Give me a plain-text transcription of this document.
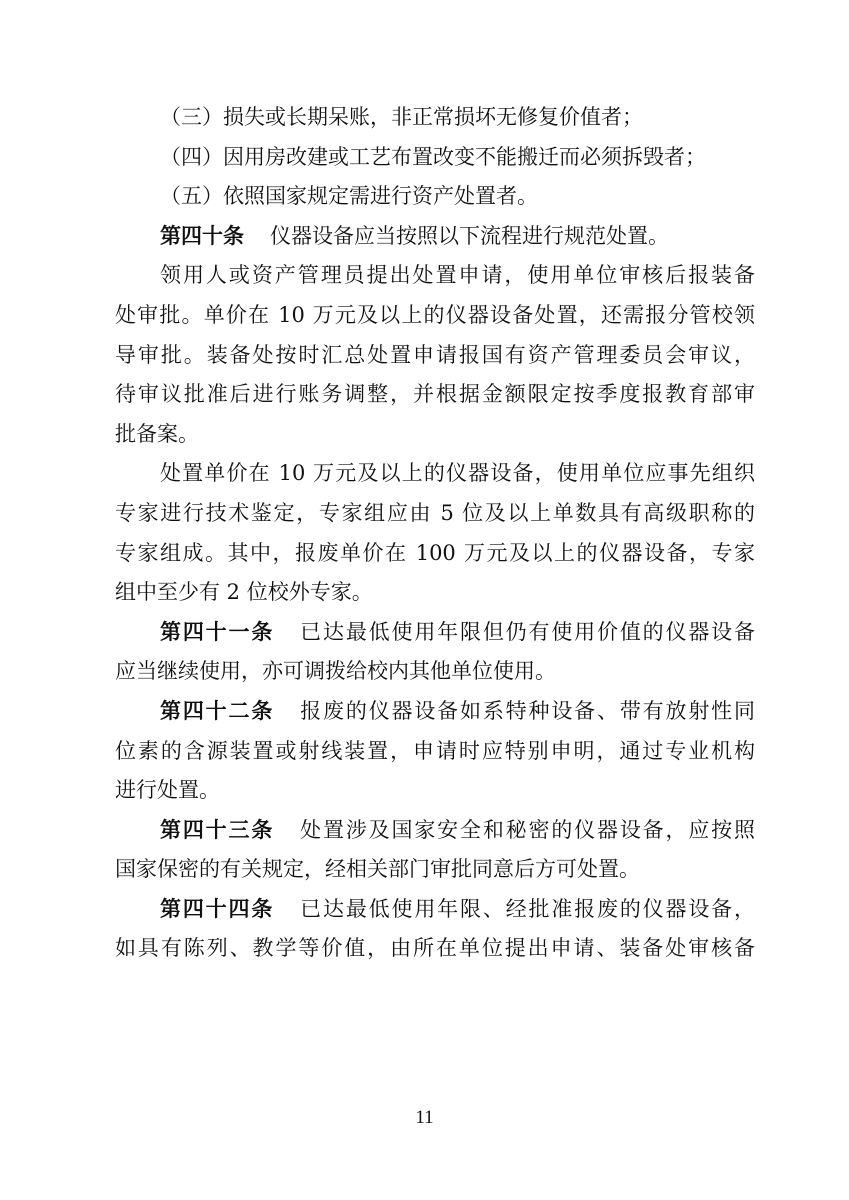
（三）损失或长期呆账，非正常损坏无修复价值者；
（四）因用房改建或工艺布置改变不能搬迁而必须拆毁者；
（五）依照国家规定需进行资产处置者。
第四十条 仪器设备应当按照以下流程进行规范处置。
领用人或资产管理员提出处置申请，使用单位审核后报装备
处审批。单价在 10 万元及以上的仪器设备处置，还需报分管校领
导审批。装备处按时汇总处置申请报国有资产管理委员会审议，
待审议批准后进行账务调整，并根据金额限定按季度报教育部审
批备案。
处置单价在 10 万元及以上的仪器设备，使用单位应事先组织
专家进行技术鉴定，专家组应由 5 位及以上单数具有高级职称的
专家组成。其中，报废单价在 100 万元及以上的仪器设备，专家
组中至少有 2 位校外专家。
第四十一条 已达最低使用年限但仍有使用价值的仪器设备
应当继续使用，亦可调拨给校内其他单位使用。
第四十二条 报废的仪器设备如系特种设备、带有放射性同
位素的含源装置或射线装置，申请时应特别申明，通过专业机构
进行处置。
第四十三条 处置涉及国家安全和秘密的仪器设备，应按照
国家保密的有关规定，经相关部门审批同意后方可处置。
第四十四条 已达最低使用年限、经批准报废的仪器设备，
如具有陈列、教学等价值，由所在单位提出申请、装备处审核备
11
